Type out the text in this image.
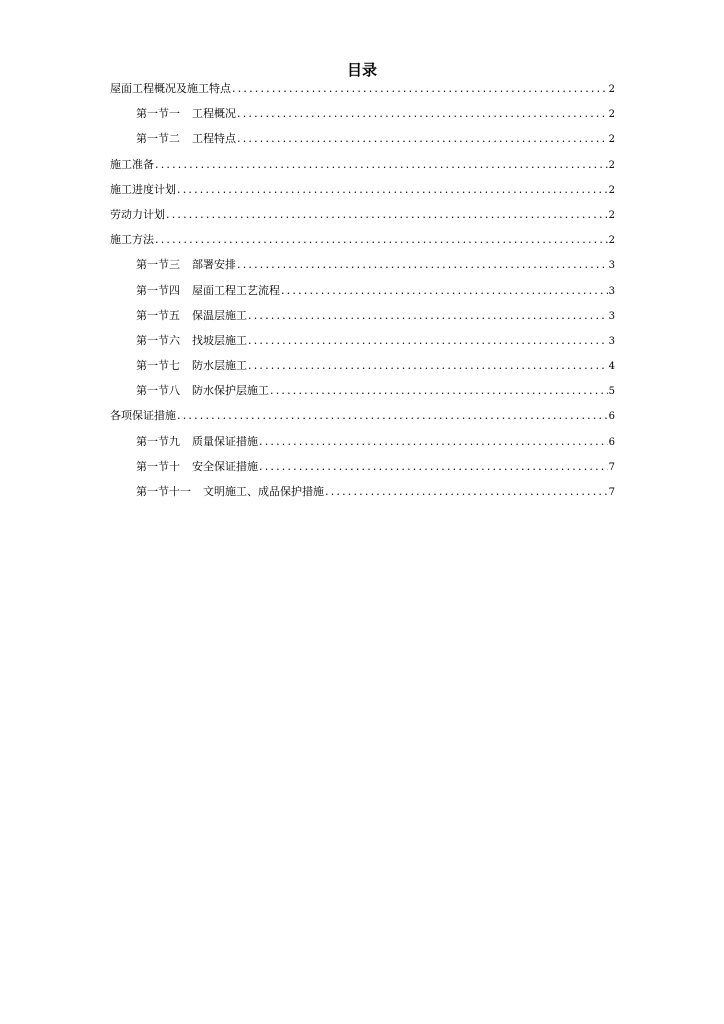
目录
屋面工程概况及施工特点 .....	2
第一节一 工程概况 .....	2
第一节二 工程特点 .....	2
施工准备 .....	2
施工进度计划 .....	2
劳动力计划 .....	2
施工方法 .....	2
第一节三 部署安排 .....	3
第一节四 屋面工程工艺流程 .....	3
第一节五 保温层施工 .....	3
第一节六 找坡层施工 .....	3
第一节七 防水层施工 .....	4
第一节八 防水保护层施工 .....	5
各项保证措施 .....	6
第一节九 质量保证措施 .....	6
第一节十 安全保证措施 .....	7
第一节十一 文明施工、成品保护措施 .....	7
